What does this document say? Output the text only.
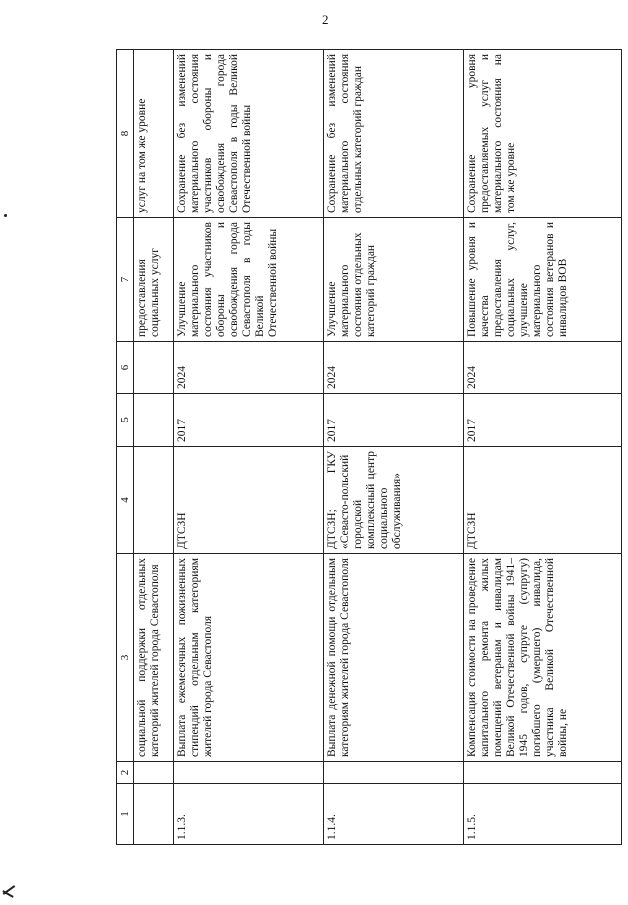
2
1	2	3	4	5	6	7	8
		социальной поддержки отдельных категорий жителей города Севастополя				предоставления социальных услуг	услуг на том же уровне
1.1.3.		Выплата ежемесячных пожизненных стипендий отдельным категориям жителей города Севастополя	ДТСЗН	2017	2024	Улучшение материального состояния участников обороны и освобождения города Севастополя в годы Великой Отечественной войны	Сохранение без изменений материального состояния участников обороны и освобождения города Севастополя в годы Великой Отечественной войны
1.1.4.		Выплата денежной помощи отдельным категориям жителей города Севастополя	ДТСЗН; ГКУ «Севасто-польский городской комплексный центр социального обслуживания»	2017	2024	Улучшение материального состояния отдельных категорий граждан	Сохранение без изменений материального состояния отдельных категорий граждан
1.1.5.		Компенсация стоимости на проведение капитального ремонта жилых помещений ветеранам и инвалидам Великой Отечественной войны 1941–1945 годов, супруге (супругу) погибшего (умершего) инвалида, участника Великой Отечественной войны, не	ДТСЗН	2017	2024	Повышение уровня и качества предоставления социальных услуг, улучшение материального состояния ветеранов и инвалидов ВОВ	Сохранение уровня предоставляемых услуг и материального состояния на том же уровне
